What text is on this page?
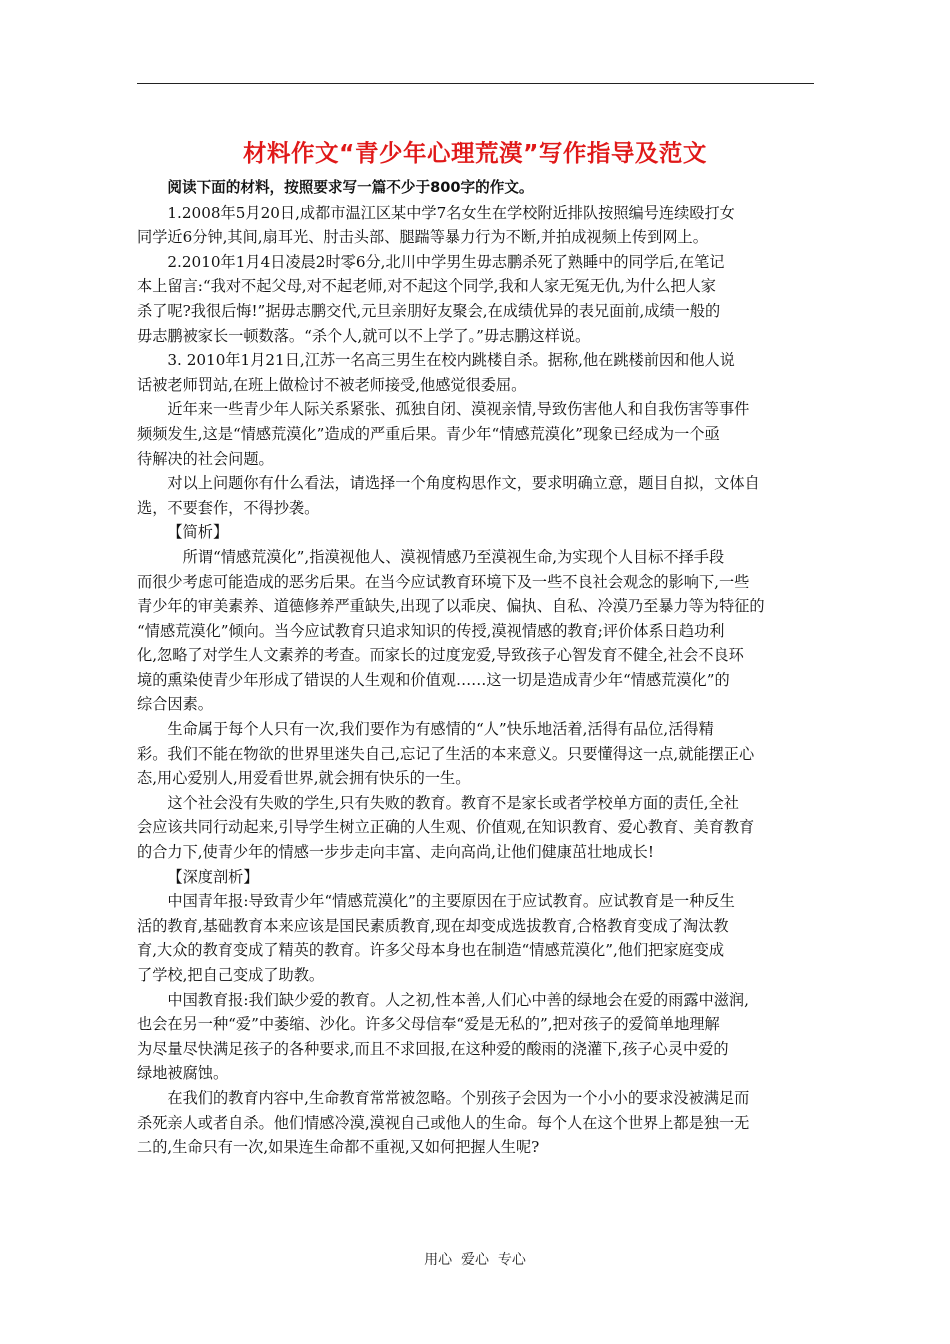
材料作文“青少年心理荒漠”写作指导及范文
阅读下面的材料，按照要求写一篇不少于800字的作文。
1.2008年5月20日,成都市温江区某中学7名女生在学校附近排队按照编号连续殴打女
同学近6分钟,其间,扇耳光、肘击头部、腿踹等暴力行为不断,并拍成视频上传到网上。
2.2010年1月4日凌晨2时零6分,北川中学男生毋志鹏杀死了熟睡中的同学后,在笔记
本上留言:“我对不起父母,对不起老师,对不起这个同学,我和人家无冤无仇,为什么把人家
杀了呢?我很后悔!”据毋志鹏交代,元旦亲朋好友聚会,在成绩优异的表兄面前,成绩一般的
毋志鹏被家长一顿数落。“杀个人,就可以不上学了。”毋志鹏这样说。
3. 2010年1月21日,江苏一名高三男生在校内跳楼自杀。据称,他在跳楼前因和他人说
话被老师罚站,在班上做检讨不被老师接受,他感觉很委屈。
近年来一些青少年人际关系紧张、孤独自闭、漠视亲情,导致伤害他人和自我伤害等事件
频频发生,这是“情感荒漠化”造成的严重后果。青少年“情感荒漠化”现象已经成为一个亟
待解决的社会问题。
对以上问题你有什么看法，请选择一个角度构思作文，要求明确立意，题目自拟，文体自
选，不要套作，不得抄袭。
【简析】
所谓“情感荒漠化”,指漠视他人、漠视情感乃至漠视生命,为实现个人目标不择手段
而很少考虑可能造成的恶劣后果。在当今应试教育环境下及一些不良社会观念的影响下,一些
青少年的审美素养、道德修养严重缺失,出现了以乖戾、偏执、自私、冷漠乃至暴力等为特征的
“情感荒漠化”倾向。当今应试教育只追求知识的传授,漠视情感的教育;评价体系日趋功利
化,忽略了对学生人文素养的考查。而家长的过度宠爱,导致孩子心智发育不健全,社会不良环
境的熏染使青少年形成了错误的人生观和价值观……这一切是造成青少年“情感荒漠化”的
综合因素。
生命属于每个人只有一次,我们要作为有感情的“人”快乐地活着,活得有品位,活得精
彩。我们不能在物欲的世界里迷失自己,忘记了生活的本来意义。只要懂得这一点,就能摆正心
态,用心爱别人,用爱看世界,就会拥有快乐的一生。
这个社会没有失败的学生,只有失败的教育。教育不是家长或者学校单方面的责任,全社
会应该共同行动起来,引导学生树立正确的人生观、价值观,在知识教育、爱心教育、美育教育
的合力下,使青少年的情感一步步走向丰富、走向高尚,让他们健康茁壮地成长!
【深度剖析】
中国青年报:导致青少年“情感荒漠化”的主要原因在于应试教育。应试教育是一种反生
活的教育,基础教育本来应该是国民素质教育,现在却变成选拔教育,合格教育变成了淘汰教
育,大众的教育变成了精英的教育。许多父母本身也在制造“情感荒漠化”,他们把家庭变成
了学校,把自己变成了助教。
中国教育报:我们缺少爱的教育。人之初,性本善,人们心中善的绿地会在爱的雨露中滋润,
也会在另一种“爱”中萎缩、沙化。许多父母信奉“爱是无私的”,把对孩子的爱简单地理解
为尽量尽快满足孩子的各种要求,而且不求回报,在这种爱的酸雨的浇灌下,孩子心灵中爱的
绿地被腐蚀。
在我们的教育内容中,生命教育常常被忽略。个别孩子会因为一个小小的要求没被满足而
杀死亲人或者自杀。他们情感冷漠,漠视自己或他人的生命。每个人在这个世界上都是独一无
二的,生命只有一次,如果连生命都不重视,又如何把握人生呢?
用心  爱心  专心
